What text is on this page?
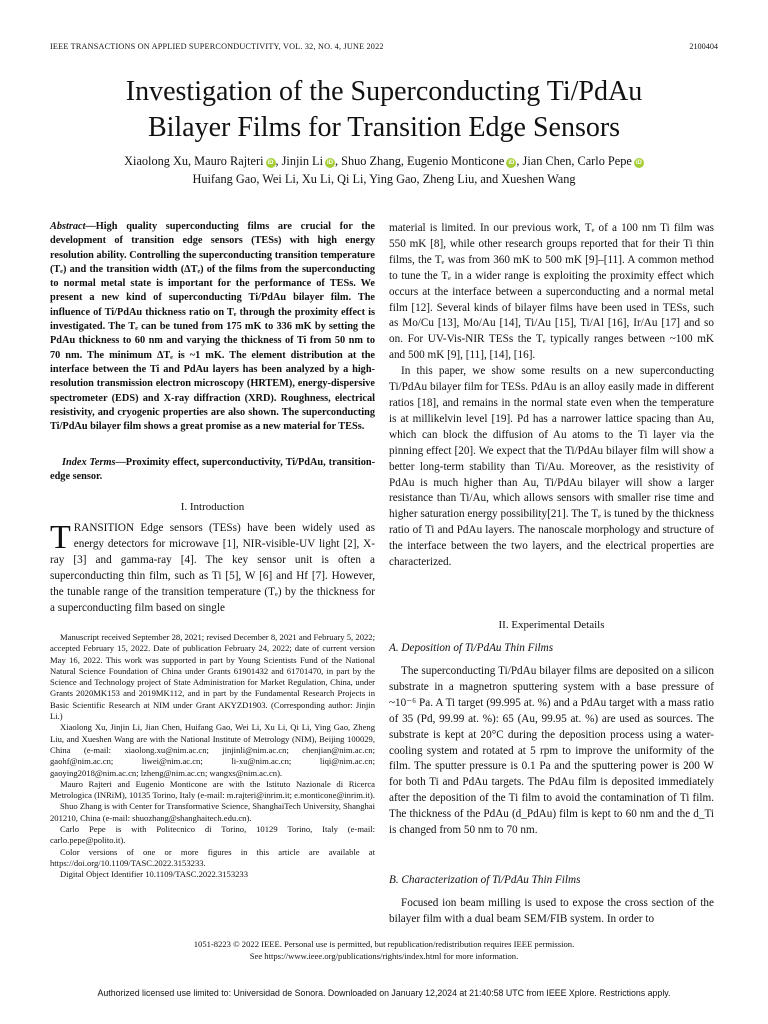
IEEE TRANSACTIONS ON APPLIED SUPERCONDUCTIVITY, VOL. 32, NO. 4, JUNE 2022	2100404
Investigation of the Superconducting Ti/PdAu
Bilayer Films for Transition Edge Sensors
Xiaolong Xu, Mauro Rajteri iD , Jinjin Li iD , Shuo Zhang, Eugenio Monticone iD , Jian Chen, Carlo Pepe iD
Huifang Gao, Wei Li, Xu Li, Qi Li, Ying Gao, Zheng Liu, and Xueshen Wang
Abstract—High quality superconducting films are crucial for the development of transition edge sensors (TESs) with high energy resolution ability. Controlling the superconducting transition temperature (Tₑ) and the transition width (ΔTₑ) of the films from the superconducting to normal metal state is important for the performance of TESs. We present a new kind of superconducting Ti/PdAu bilayer film. The influence of Ti/PdAu thickness ratio on Tₑ through the proximity effect is investigated. The Tₑ can be tuned from 175 mK to 336 mK by setting the PdAu thickness to 60 nm and varying the thickness of Ti from 50 nm to 70 nm. The minimum ΔTₑ is ~1 mK. The element distribution at the interface between the Ti and PdAu layers has been analyzed by a high-resolution transmission electron microscopy (HRTEM), energy-dispersive spectrometer (EDS) and X-ray diffraction (XRD). Roughness, electrical resistivity, and cryogenic properties are also shown. The superconducting Ti/PdAu bilayer film shows a great promise as a new material for TESs.
Index Terms—Proximity effect, superconductivity, Ti/PdAu, transition-edge sensor.
I. Introduction
TRANSITION Edge sensors (TESs) have been widely used as energy detectors for microwave [1], NIR-visible-UV light [2], X-ray [3] and gamma-ray [4]. The key sensor unit is often a superconducting thin film, such as Ti [5], W [6] and Hf [7]. However, the tunable range of the transition temperature (Tₑ) by the thickness for a superconducting film based on single

Manuscript received September 28, 2021; revised December 8, 2021 and February 5, 2022; accepted February 15, 2022. Date of publication February 24, 2022; date of current version May 16, 2022. This work was supported in part by Young Scientists Fund of the National Natural Science Foundation of China under Grants 61901432 and 61701470, in part by the Science and Technology project of State Administration for Market Regulation, China, under Grants 2020MK153 and 2019MK112, and in part by the Fundamental Research Projects in Basic Scientific Research at NIM under Grant AKYZD1903. (Corresponding author: Jinjin Li.)

Xiaolong Xu, Jinjin Li, Jian Chen, Huifang Gao, Wei Li, Xu Li, Qi Li, Ying Gao, Zheng Liu, and Xueshen Wang are with the National Institute of Metrology (NIM), Beijing 100029, China (e-mail: xiaolong.xu@nim.ac.cn; jinjinli@nim.ac.cn; chenjian@nim.ac.cn; gaohf@nim.ac.cn; liwei@nim.ac.cn; li-xu@nim.ac.cn; liqi@nim.ac.cn; gaoying2018@nim.ac.cn; lzheng@nim.ac.cn; wangxs@nim.ac.cn).

Mauro Rajteri and Eugenio Monticone are with the Istituto Nazionale di Ricerca Metrologica (INRiM), 10135 Torino, Italy (e-mail: m.rajteri@inrim.it; e.monticone@inrim.it).

Shuo Zhang is with Center for Transformative Science, ShanghaiTech University, Shanghai 201210, China (e-mail: shuozhang@shanghaitech.edu.cn).

Carlo Pepe is with Politecnico di Torino, 10129 Torino, Italy (e-mail: carlo.pepe@polito.it).

Color versions of one or more figures in this article are available at https://doi.org/10.1109/TASC.2022.3153233.

Digital Object Identifier 10.1109/TASC.2022.3153233

material is limited. In our previous work, Tₑ of a 100 nm Ti film was 550 mK [8], while other research groups reported that for their Ti thin films, the Tₑ was from 360 mK to 500 mK [9]–[11]. A common method to tune the Tₑ in a wider range is exploiting the proximity effect which occurs at the interface between a superconducting and a normal metal film [12]. Several kinds of bilayer films have been used in TESs, such as Mo/Cu [13], Mo/Au [14], Ti/Au [15], Ti/Al [16], Ir/Au [17] and so on. For UV-Vis-NIR TESs the Tₑ typically ranges between ~100 mK and 500 mK [9], [11], [14], [16].

In this paper, we show some results on a new superconducting Ti/PdAu bilayer film for TESs. PdAu is an alloy easily made in different ratios [18], and remains in the normal state even when the temperature is at millikelvin level [19]. Pd has a narrower lattice spacing than Au, which can block the diffusion of Au atoms to the Ti layer via the pinning effect [20]. We expect that the Ti/PdAu bilayer film will show a better long-term stability than Ti/Au. Moreover, as the resistivity of PdAu is much higher than Au, Ti/PdAu bilayer will show a larger resistance than Ti/Au, which allows sensors with smaller rise time and higher saturation energy possibility[21]. The Tₑ is tuned by the thickness ratio of Ti and PdAu layers. The nanoscale morphology and structure of the interface between the two layers, and the electrical properties are characterized.

II. Experimental Details
A. Deposition of Ti/PdAu Thin Films

The superconducting Ti/PdAu bilayer films are deposited on a silicon substrate in a magnetron sputtering system with a base pressure of ~10⁻⁶ Pa. A Ti target (99.995 at. %) and a PdAu target with a mass ratio of 35 (Pd, 99.99 at. %): 65 (Au, 99.95 at. %) are used as sources. The substrate is kept at 20°C during the deposition process using a water-cooling system and rotated at 5 rpm to improve the uniformity of the film. The sputter pressure is 0.1 Pa and the sputtering power is 200 W for both Ti and PdAu targets. The PdAu film is deposited immediately after the deposition of the Ti film to avoid the contamination of Ti film. The thickness of the PdAu (d_PdAu) film is kept to 60 nm and the d_Ti is changed from 50 nm to 70 nm.

B. Characterization of Ti/PdAu Thin Films

Focused ion beam milling is used to expose the cross section of the bilayer film with a dual beam SEM/FIB system. In order to

1051-8223 © 2022 IEEE. Personal use is permitted, but republication/redistribution requires IEEE permission.
See https://www.ieee.org/publications/rights/index.html for more information.
Authorized licensed use limited to: Universidad de Sonora. Downloaded on January 12,2024 at 21:40:58 UTC from IEEE Xplore. Restrictions apply.
